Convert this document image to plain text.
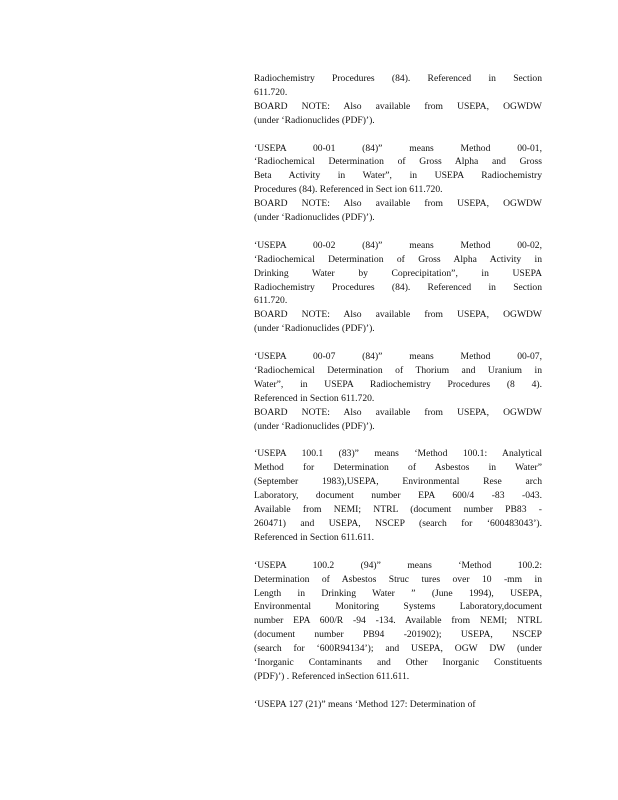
Radiochemistry Procedures (84). Referenced in Section
611.720.
BOARD NOTE: Also available from USEPA, OGWDW
(under ‘Radionuclides (PDF)’).
‘USEPA 00-01 (84)” means Method 00-01,
‘Radiochemical Determination of Gross Alpha and Gross
Beta Activity in Water”, in USEPA Radiochemistry
Procedures (84). Referenced in Sect ion 611.720.
BOARD NOTE: Also available from USEPA, OGWDW
(under ‘Radionuclides (PDF)’).
‘USEPA 00-02 (84)” means Method 00-02,
‘Radiochemical Determination of Gross Alpha Activity in
Drinking Water by Coprecipitation”, in USEPA
Radiochemistry Procedures (84). Referenced in Section
611.720.
BOARD NOTE: Also available from USEPA, OGWDW
(under ‘Radionuclides (PDF)’).
‘USEPA 00-07 (84)” means Method 00-07,
‘Radiochemical Determination of Thorium and Uranium in
Water”, in USEPA Radiochemistry Procedures (8 4).
Referenced in Section 611.720.
BOARD NOTE: Also available from USEPA, OGWDW
(under ‘Radionuclides (PDF)’).
‘USEPA 100.1 (83)” means ‘Method 100.1: Analytical
Method for Determination of Asbestos in Water”
(September 1983),USEPA, Environmental Rese arch
Laboratory, document number EPA 600/4 -83 -043.
Available from NEMI; NTRL (document number PB83 -
260471) and USEPA, NSCEP (search for ‘600483043’).
Referenced in Section 611.611.
‘USEPA 100.2 (94)” means ‘Method 100.2:
Determination of Asbestos Struc tures over 10 -mm in
Length in Drinking Water ” (June 1994), USEPA,
Environmental Monitoring Systems Laboratory,document
number EPA 600/R -94 -134. Available from NEMI; NTRL
(document number PB94 -201902); USEPA, NSCEP
(search for ‘600R94134’); and USEPA, OGW DW (under
‘Inorganic Contaminants and Other Inorganic Constituents
(PDF)’) . Referenced inSection 611.611.
‘USEPA 127 (21)” means ‘Method 127: Determination of
